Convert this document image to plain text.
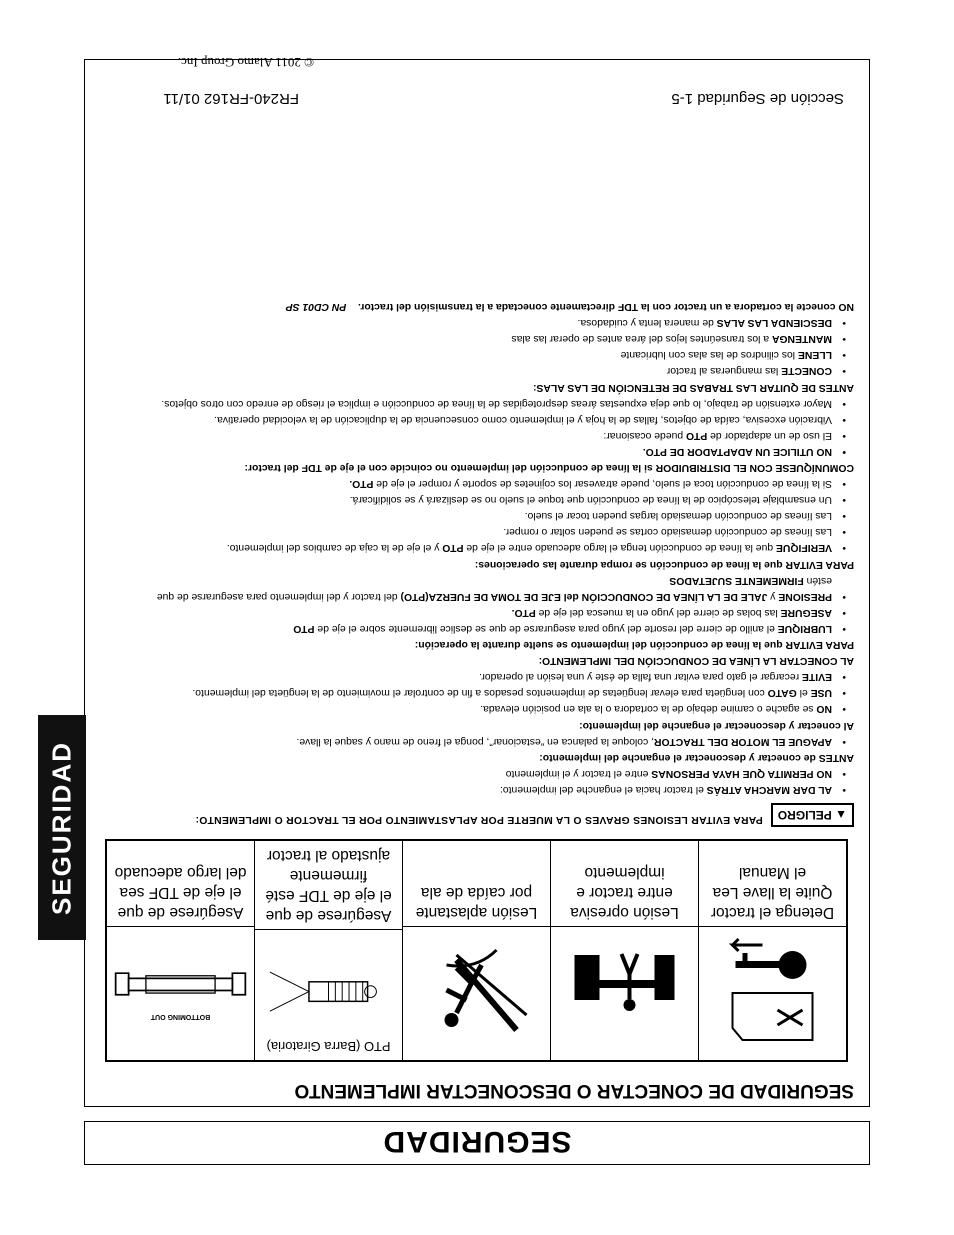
SEGURIDAD
SEGURIDAD DE CONECTAR O DESCONECTAR IMPLEMENTO
Detenga el tractor Quite la llave Lea el Manual
Lesión opresiva entre tractor e implemento
Lesión aplastante por caída de ala
PTO (Barra Giratoria)
Asegúrese de que el eje de TDF esté firmemente ajustado al tractor
BOTTOMING OUT
Asegúrese de que el eje de TDF sea del largo adecuado
▲ PELIGRO
PARA EVITAR LESIONES GRAVES O LA MUERTE POR APLASTAMIENTO POR EL TRACTOR O IMPLEMENTO:

• AL DAR MARCHA ATRÁS el tractor hacia el enganche del implemento:

• NO PERMITA QUE HAYA PERSONAS entre el tractor y el implemento

ANTES de conectar y desconectar el enganche del implemento:

• APAGUE EL MOTOR DEL TRACTOR, coloque la palanca en “estacionar”, ponga el freno de mano y saque la llave.

Al conectar y desconectar el enganche del implemento:

• NO se agache o camine debajo de la cortadora o la ala en posición elevada.

• USE el GATO con lengüeta para elevar lengüetas de implementos pesados a fin de controlar el movimiento de la lengüeta del implemento.

• EVITE recargar el gato para evitar una falla de éste y una lesión al operador.

AL CONECTAR LA LÍNEA DE CONDUCCIÓN DEL IMPLEMENTO:

PARA EVITAR que la línea de conducción del implemento se suelte durante la operación:

• LUBRIQUE el anillo de cierre del resorte del yugo para asegurarse de que se deslice libremente sobre el eje de PTO

• ASEGURE las bolas de cierre del yugo en la muesca del eje de PTO.

• PRESIONE y JALE DE LA LÍNEA DE CONDUCCIÓN del EJE DE TOMA DE FUERZA(PTO) del tractor y del implemento para asegurarse de que estén FIRMEMENTE SUJETADOS

PARA EVITAR que la línea de conducción se rompa durante las operaciones:

• VERIFIQUE que la línea de conducción tenga el largo adecuado entre el eje de PTO y el eje de la caja de cambios del implemento.

• Las líneas de conducción demasiado cortas se pueden soltar o romper.

• Las líneas de conducción demasiado largas pueden tocar el suelo.

• Un ensamblaje telescópico de la línea de conducción que toque el suelo no se deslizará y se solidificará.

• Si la línea de conducción toca el suelo, puede atravesar los cojinetes de soporte y romper el eje de PTO.

COMUNÍQUESE CON EL DISTRIBUIDOR si la línea de conducción del implemento no coincide con el eje de TDF del tractor:

• NO UTILICE UN ADAPTADOR DE PTO.

• El uso de un adaptador de PTO puede ocasionar:

• Vibración excesiva, caída de objetos, fallas de la hoja y el implemento como consecuencia de la duplicación de la velocidad operativa.

• Mayor extensión de trabajo, lo que deja expuestas áreas desprotegidas de la línea de conducción e implica el riesgo de enredo con otros objetos.

ANTES DE QUITAR LAS TRABAS DE RETENCIÓN DE LAS ALAS:

• CONECTE las mangueras al tractor

• LLENE los cilindros de las alas con lubricante

• MANTENGA a los transeúntes lejos del área antes de operar las alas

• DESCIENDA LAS ALAS de manera lenta y cuidadosa.

NO conecte la cortadora a un tractor con la TDF directamente conectada a la transmisión del tractor.    PN CD01 SP

Sección de Seguridad 1-5
FR240-FR162 01/11
© 2011 Alamo Group Inc.
SEGURIDAD
